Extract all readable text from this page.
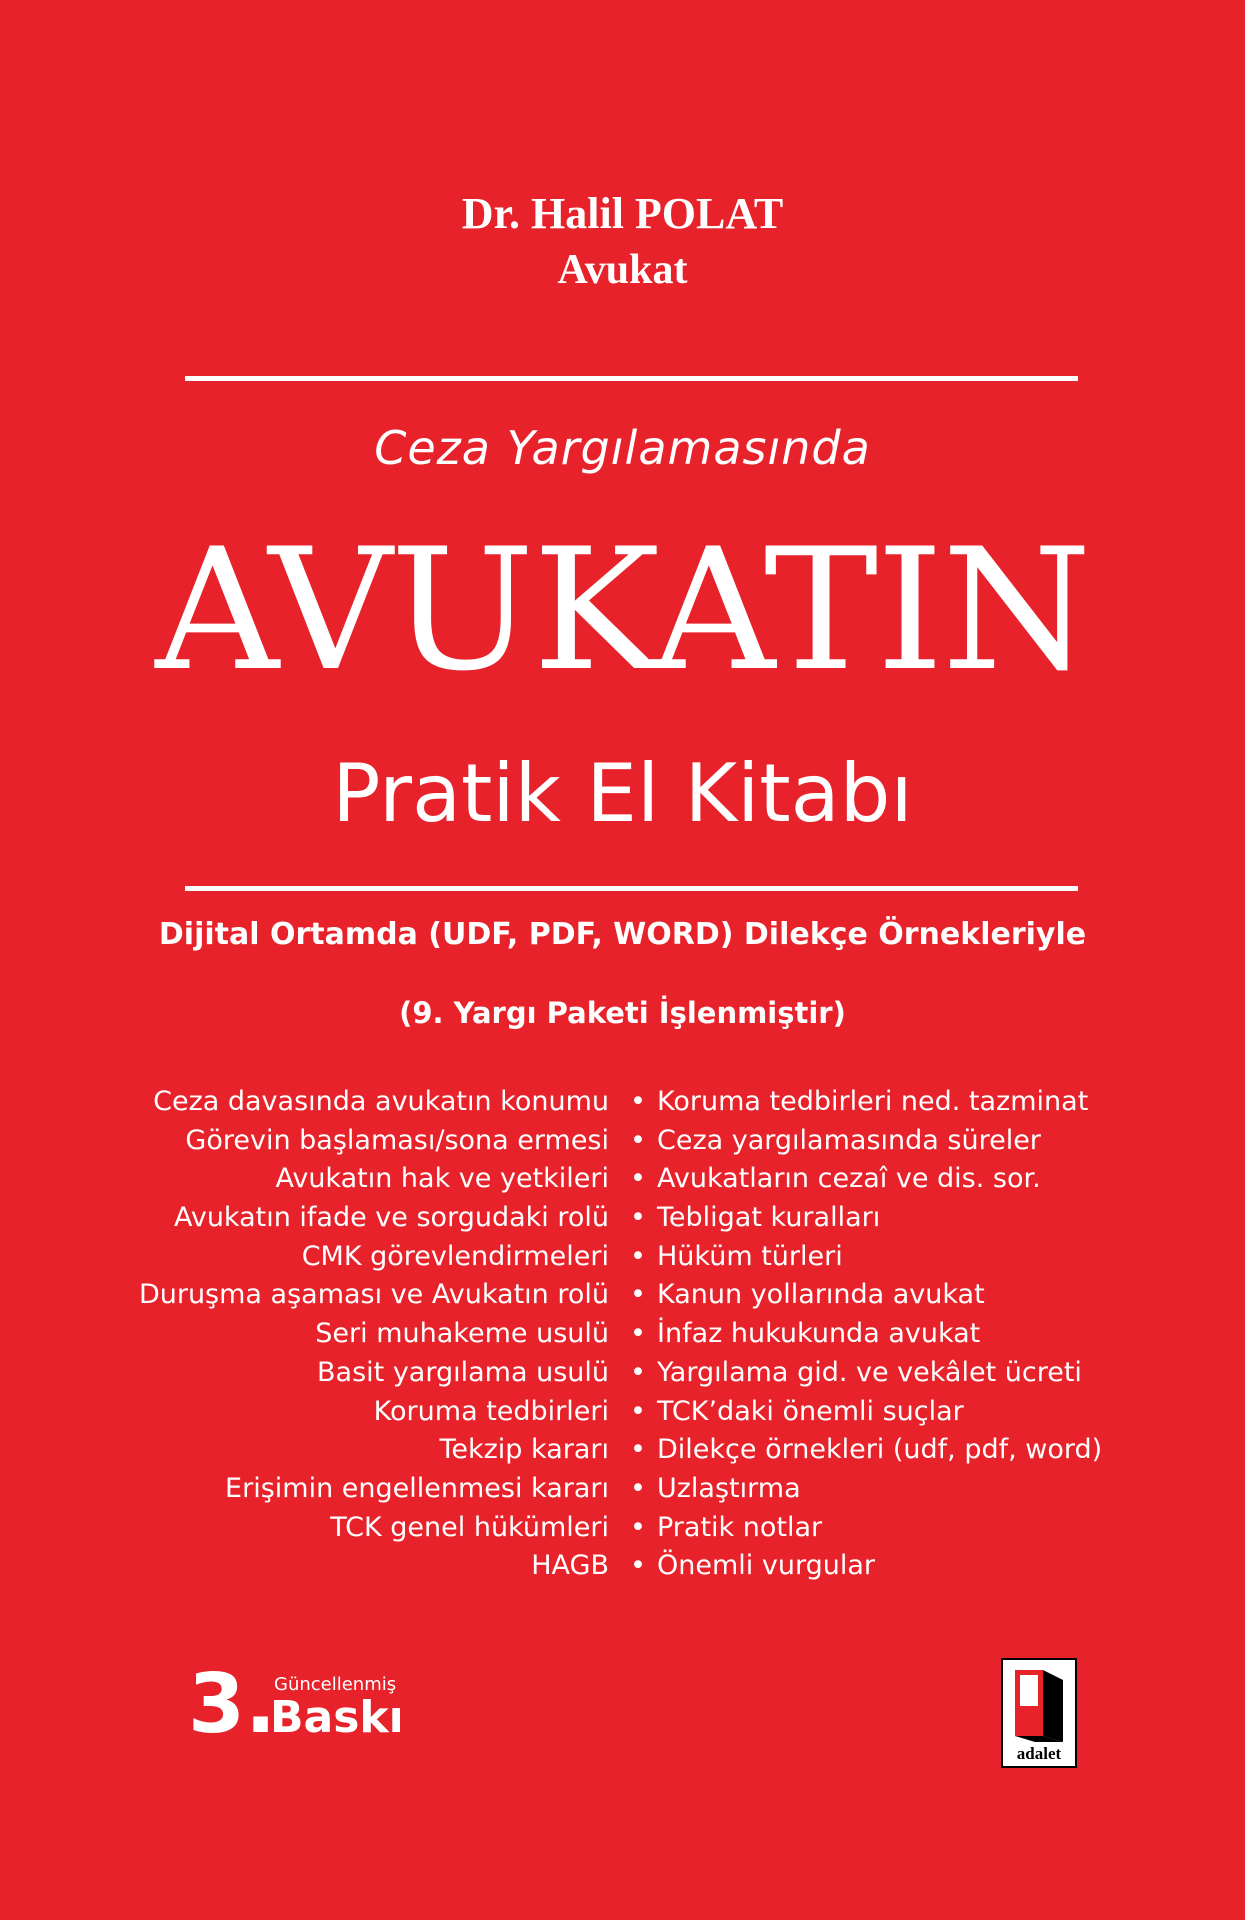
Dr. Halil POLAT
Avukat
Ceza Yargılamasında
AVUKATIN
Pratik El Kitabı
Dijital Ortamda (UDF, PDF, WORD) Dilekçe Örnekleriyle
(9. Yargı Paketi İşlenmiştir)
Ceza davasında avukatın konumu • Koruma tedbirleri ned. tazminat
Görevin başlaması/sona ermesi • Ceza yargılamasında süreler
Avukatın hak ve yetkileri • Avukatların cezaî ve dis. sor.
Avukatın ifade ve sorgudaki rolü • Tebligat kuralları
CMK görevlendirmeleri • Hüküm türleri
Duruşma aşaması ve Avukatın rolü • Kanun yollarında avukat
Seri muhakeme usulü • İnfaz hukukunda avukat
Basit yargılama usulü • Yargılama gid. ve vekâlet ücreti
Koruma tedbirleri • TCK’daki önemli suçlar
Tekzip kararı • Dilekçe örnekleri (udf, pdf, word)
Erişimin engellenmesi kararı • Uzlaştırma
TCK genel hükümleri • Pratik notlar
HAGB • Önemli vurgular
3.
Güncellenmiş
Baskı
adalet
